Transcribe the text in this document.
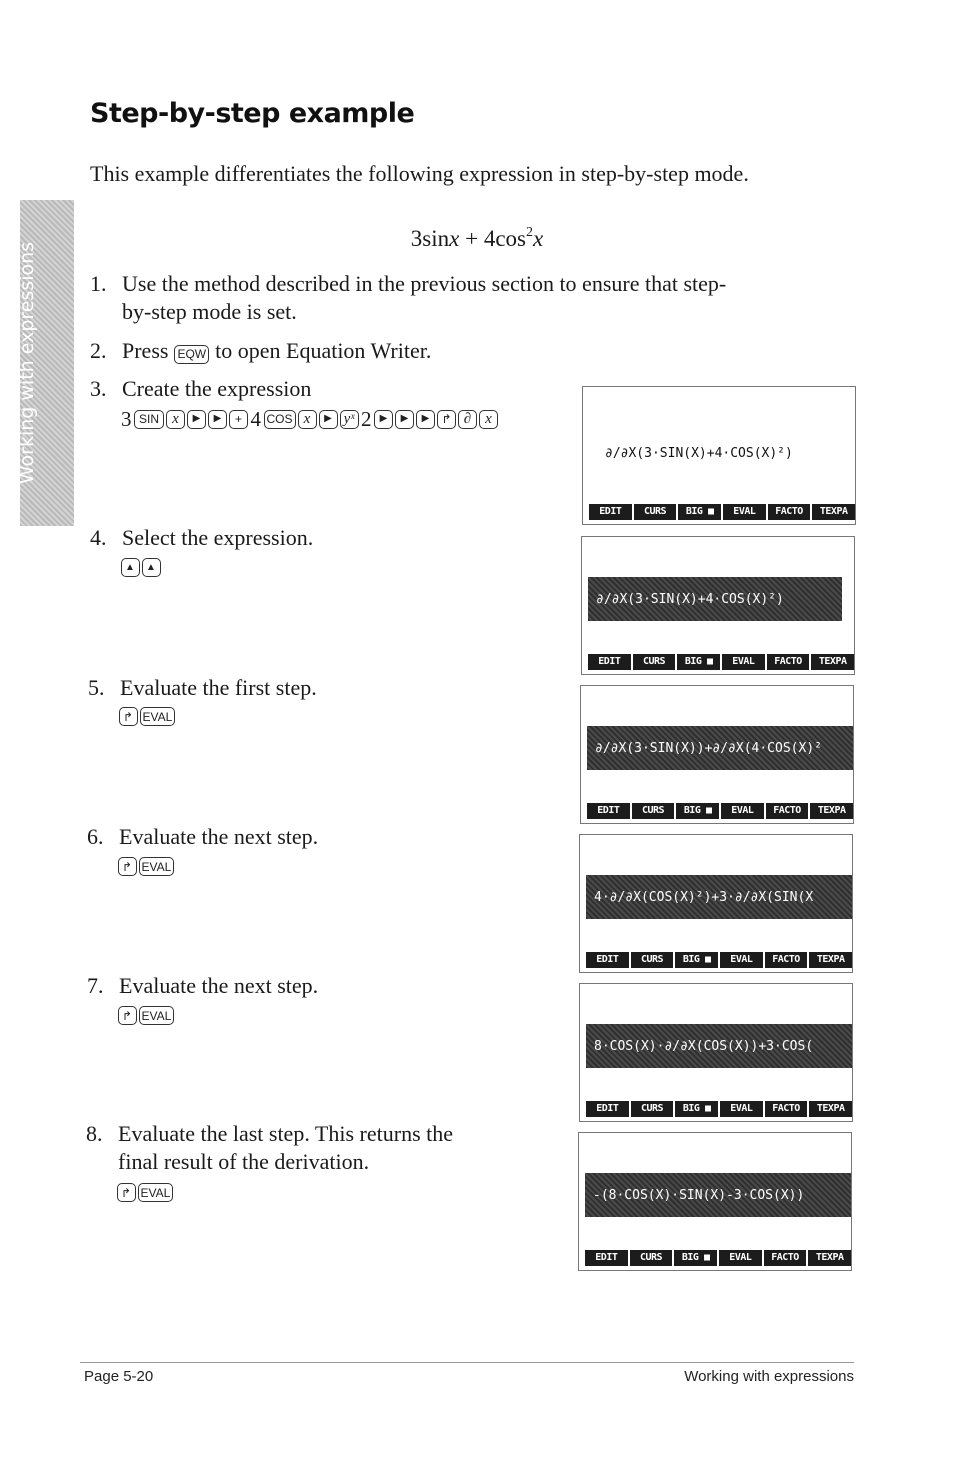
Working with expressions
Step-by-step example

This example differentiates the following expression in step-by-step mode.

$3\sin x + 4\cos^2x$
1. Use the method described in the previous section to ensure that step-
by-step mode is set.
2. Press EQW to open Equation Writer.
3. Create the expression
3 SIN x	▶ ▶	+ 4 COS x	▶ yˣ 2 ▶ ▶ ▶	↱ ∂ x
4. Select the expression.
▲ ▲
5. Evaluate the first step.
↱ EVAL
6. Evaluate the next step.
↱ EVAL
7. Evaluate the next step.
↱ EVAL
8. Evaluate the last step. This returns the
final result of the derivation.
↱ EVAL
∂/∂X(3·SIN(X)+4·COS(X)²)
EDIT	CURS	BIG ■	EVAL	FACTO	TEXPA
∂/∂X(3·SIN(X)+4·COS(X)²)
EDIT	CURS	BIG ■	EVAL	FACTO	TEXPA
∂/∂X(3·SIN(X))+∂/∂X(4·COS(X)²
EDIT	CURS	BIG ■	EVAL	FACTO	TEXPA
4·∂/∂X(COS(X)²)+3·∂/∂X(SIN(X
EDIT	CURS	BIG ■	EVAL	FACTO	TEXPA
8·COS(X)·∂/∂X(COS(X))+3·COS(
EDIT	CURS	BIG ■	EVAL	FACTO	TEXPA
-(8·COS(X)·SIN(X)-3·COS(X))
EDIT	CURS	BIG ■	EVAL	FACTO	TEXPA
Page 5-20	Working with expressions
